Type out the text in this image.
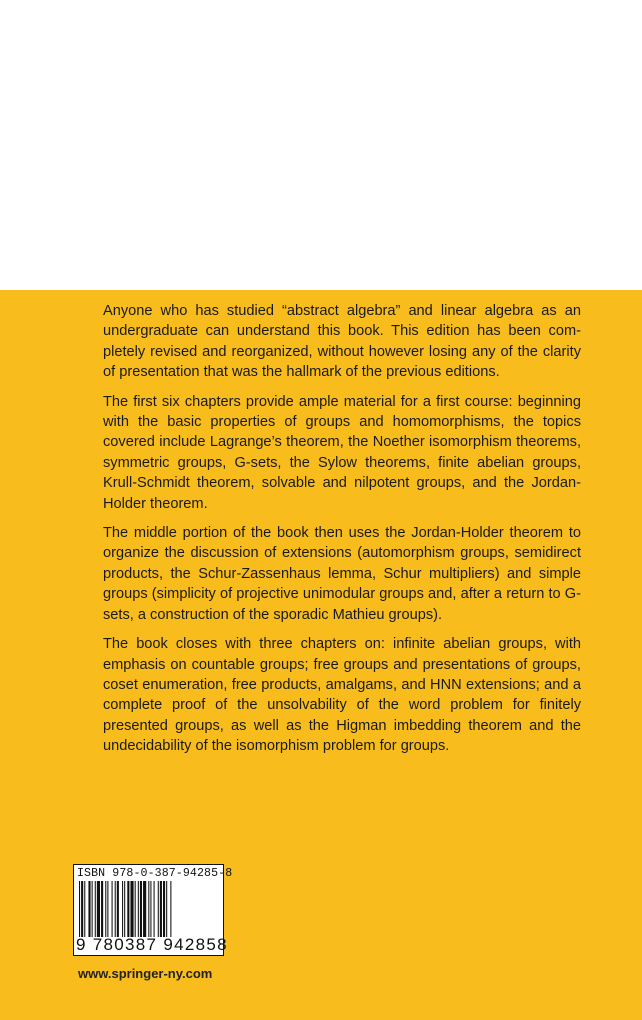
Anyone who has studied “abstract algebra” and linear algebra as an undergraduate can understand this book. This edition has been completely revised and reorganized, without however losing any of the clarity of presentation that was the hallmark of the previous editions.

The first six chapters provide ample material for a first course: beginning with the basic properties of groups and homomorphisms, the topics covered include Lagrange’s theorem, the Noether isomorphism theorems, symmetric groups, G-sets, the Sylow theorems, finite abelian groups, Krull-Schmidt theorem, solvable and nilpotent groups, and the Jordan-Holder theorem.

The middle portion of the book then uses the Jordan-Holder theorem to organize the discussion of extensions (automorphism groups, semidirect products, the Schur-Zassenhaus lemma, Schur multipliers) and simple groups (simplicity of projective unimodular groups and, after a return to G-sets, a construction of the sporadic Mathieu groups).

The book closes with three chapters on: infinite abelian groups, with emphasis on countable groups; free groups and presentations of groups, coset enumeration, free products, amalgams, and HNN extensions; and a complete proof of the unsolvability of the word problem for finitely presented groups, as well as the Higman imbedding theorem and the undecidability of the isomorphism problem for groups.

ISBN 978-0-387-94285-8
9 780387 942858
www.springer-ny.com
